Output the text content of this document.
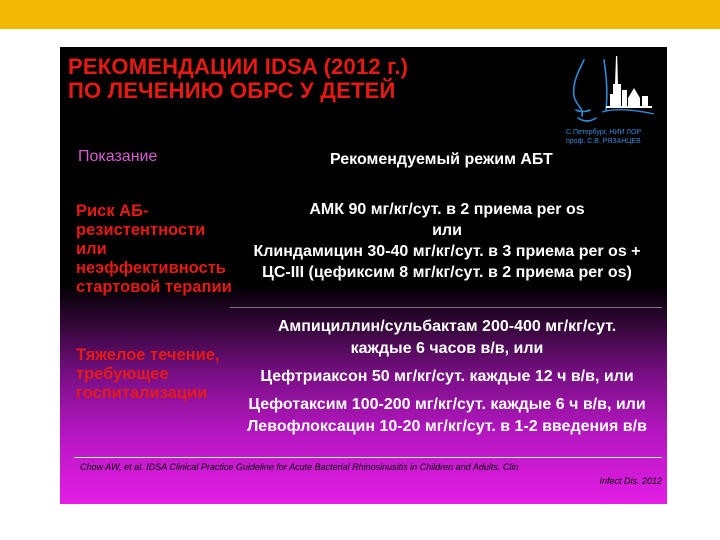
РЕКОМЕНДАЦИИ IDSA (2012 г.)
ПО ЛЕЧЕНИЮ ОБРС У ДЕТЕЙ
С.Петербург, НИИ ЛОР
проф. С.В. РЯЗАНЦЕВ
Показание	Рекомендуемый режим АБТ
Риск АБ-
резистентности
или
неэффективность
стартовой терапии
АМК 90 мг/кг/сут. в 2 приема per os
или
Клиндамицин 30-40 мг/кг/сут. в 3 приема per os +
ЦС-III (цефиксим 8 мг/кг/сут. в 2 приема per os)
Тяжелое течение,
требующее
госпитализации
Ампициллин/сульбактам 200-400 мг/кг/сут.
каждые 6 часов в/в, или
Цефтриаксон 50 мг/кг/сут. каждые 12 ч в/в, или
Цефотаксим 100-200 мг/кг/сут. каждые 6 ч в/в, или
Левофлоксацин 10-20 мг/кг/сут. в 1-2 введения в/в
Chow AW, et al. IDSA Clinical Practice Guideline for Acute Bacterial Rhinosinusitis in Children and Adults. Clin
Infect Dis. 2012
